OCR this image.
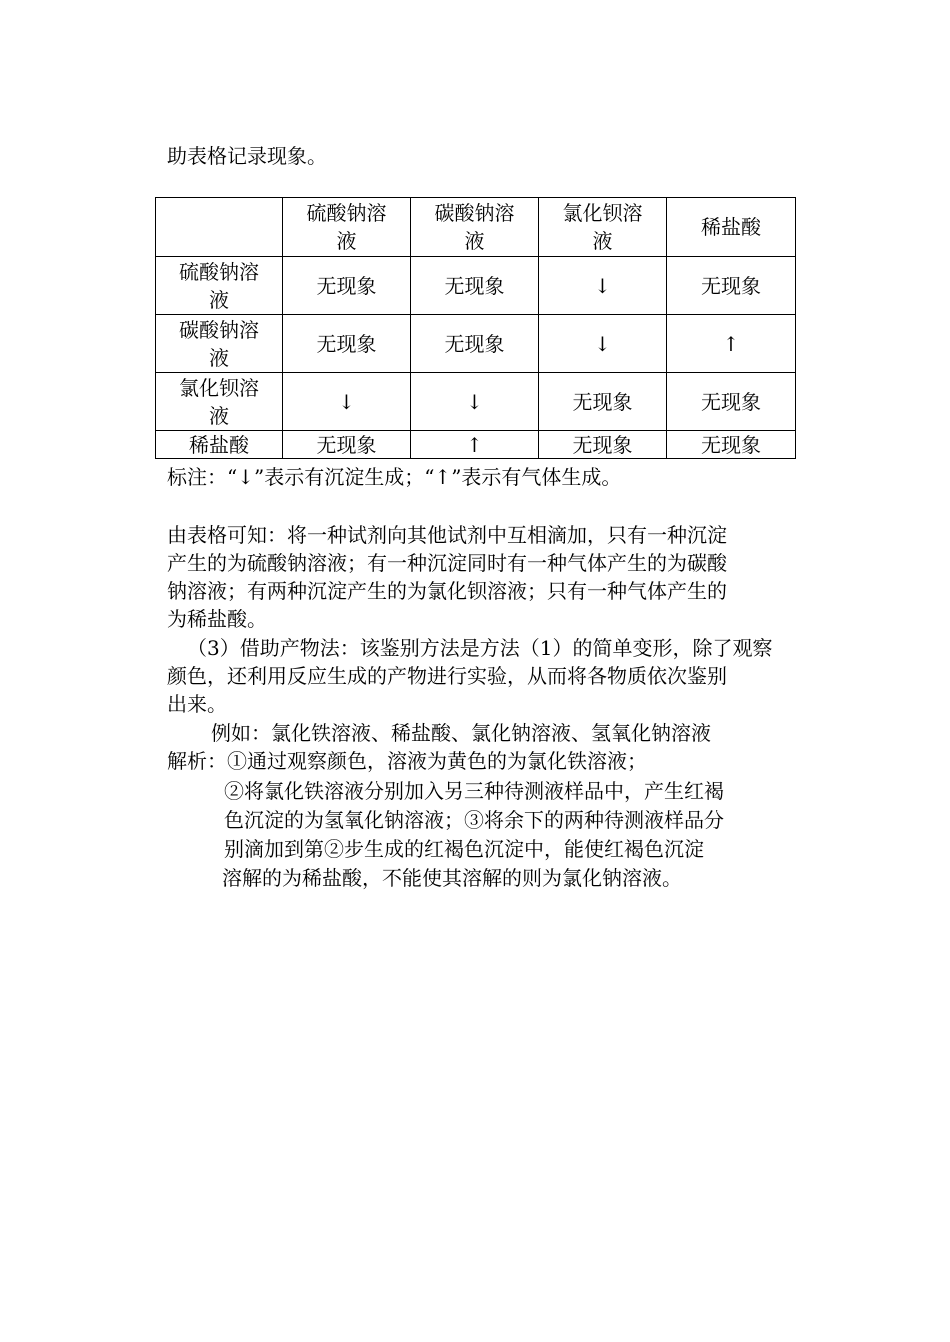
助表格记录现象。
	硫酸钠溶液	碳酸钠溶液	氯化钡溶液	稀盐酸
硫酸钠溶液	无现象	无现象	↓	无现象
碳酸钠溶液	无现象	无现象	↓	↑
氯化钡溶液	↓	↓	无现象	无现象
稀盐酸	无现象	↑	无现象	无现象
标注：“↓”表示有沉淀生成；“↑”表示有气体生成。
由表格可知：将一种试剂向其他试剂中互相滴加，只有一种沉淀
产生的为硫酸钠溶液；有一种沉淀同时有一种气体产生的为碳酸
钠溶液；有两种沉淀产生的为氯化钡溶液；只有一种气体产生的
为稀盐酸。
（3）借助产物法：该鉴别方法是方法（1）的简单变形，除了观察
颜色，还利用反应生成的产物进行实验，从而将各物质依次鉴别
出来。
例如：氯化铁溶液、稀盐酸、氯化钠溶液、氢氧化钠溶液
解析：①通过观察颜色，溶液为黄色的为氯化铁溶液；
②将氯化铁溶液分别加入另三种待测液样品中，产生红褐
色沉淀的为氢氧化钠溶液；③将余下的两种待测液样品分
别滴加到第②步生成的红褐色沉淀中，能使红褐色沉淀
溶解的为稀盐酸，不能使其溶解的则为氯化钠溶液。
